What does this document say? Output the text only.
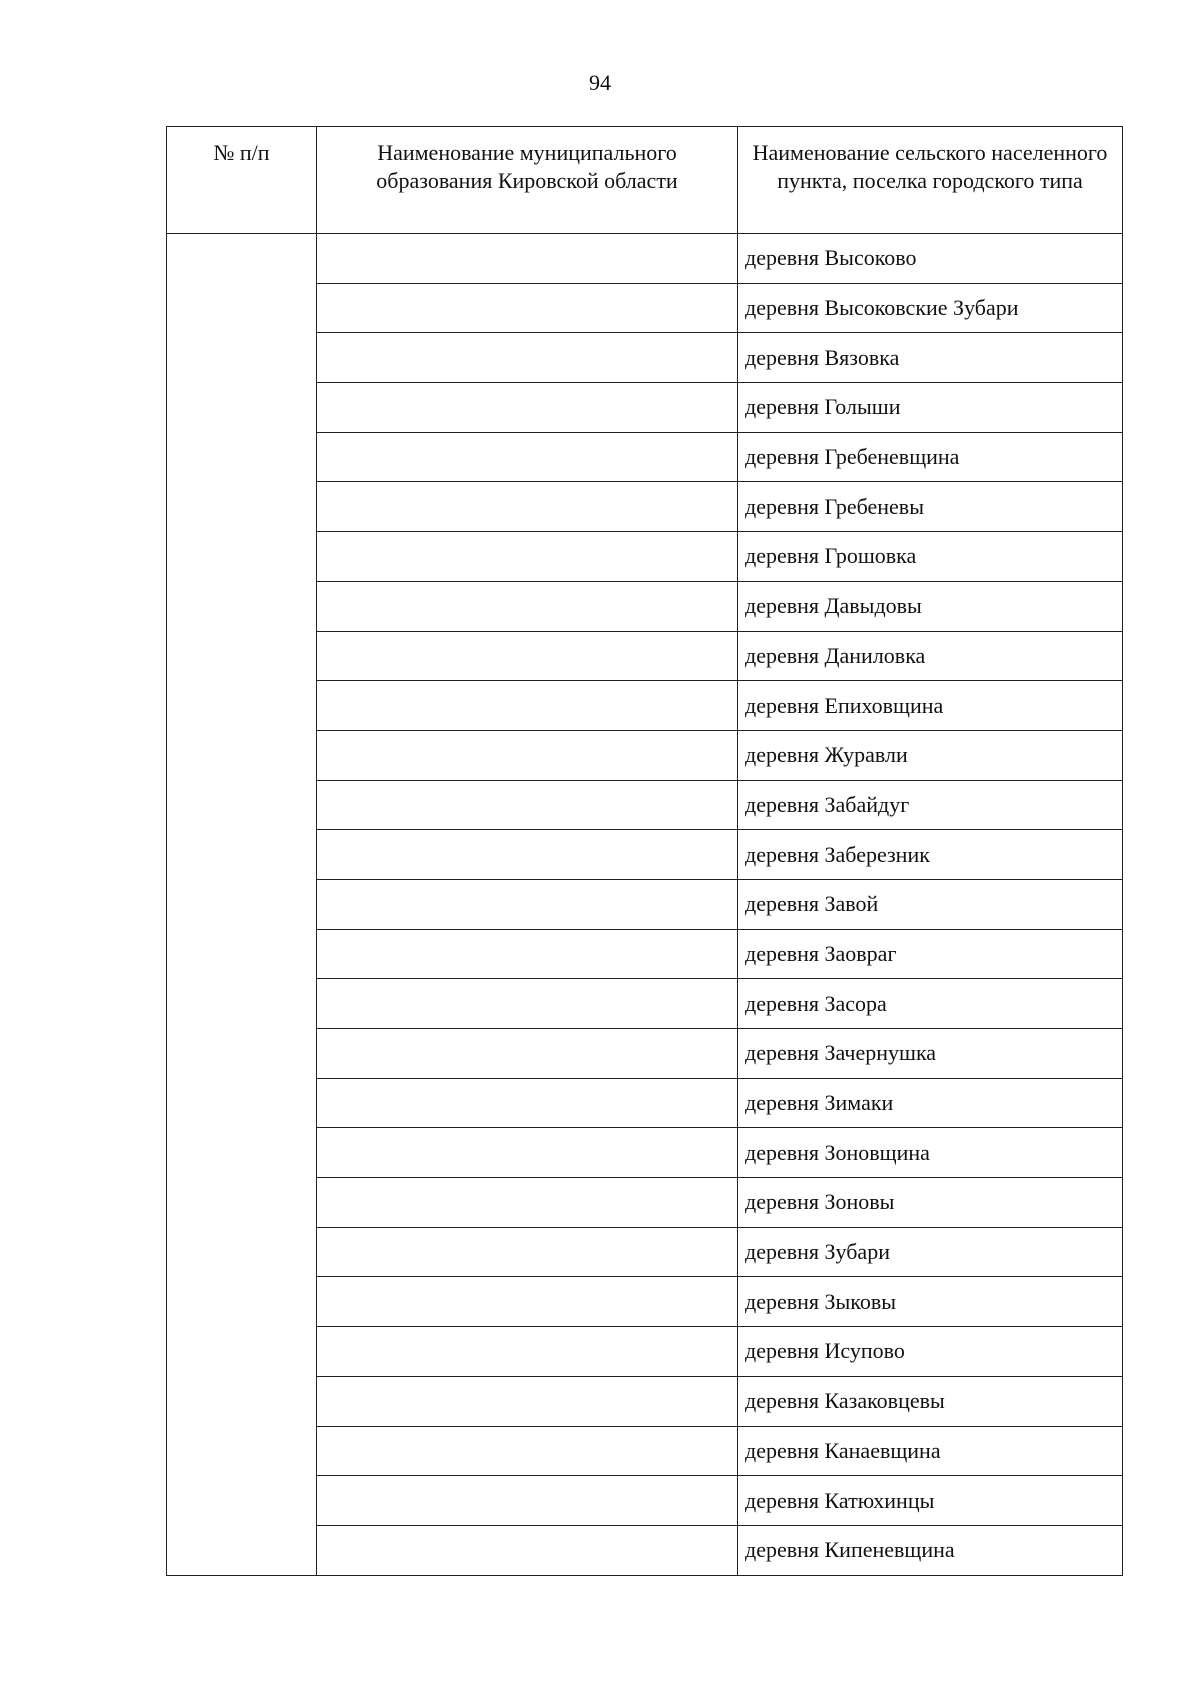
94
№ п/п	Наименование муниципального образования Кировской области	Наименование сельского населенного пункта, поселка городского типа
		деревня Высоково
		деревня Высоковские Зубари
		деревня Вязовка
		деревня Голыши
		деревня Гребеневщина
		деревня Гребеневы
		деревня Грошовка
		деревня Давыдовы
		деревня Даниловка
		деревня Епиховщина
		деревня Журавли
		деревня Забайдуг
		деревня Заберезник
		деревня Завой
		деревня Заовраг
		деревня Засора
		деревня Зачернушка
		деревня Зимаки
		деревня Зоновщина
		деревня Зоновы
		деревня Зубари
		деревня Зыковы
		деревня Исупово
		деревня Казаковцевы
		деревня Канаевщина
		деревня Катюхинцы
		деревня Кипеневщина
